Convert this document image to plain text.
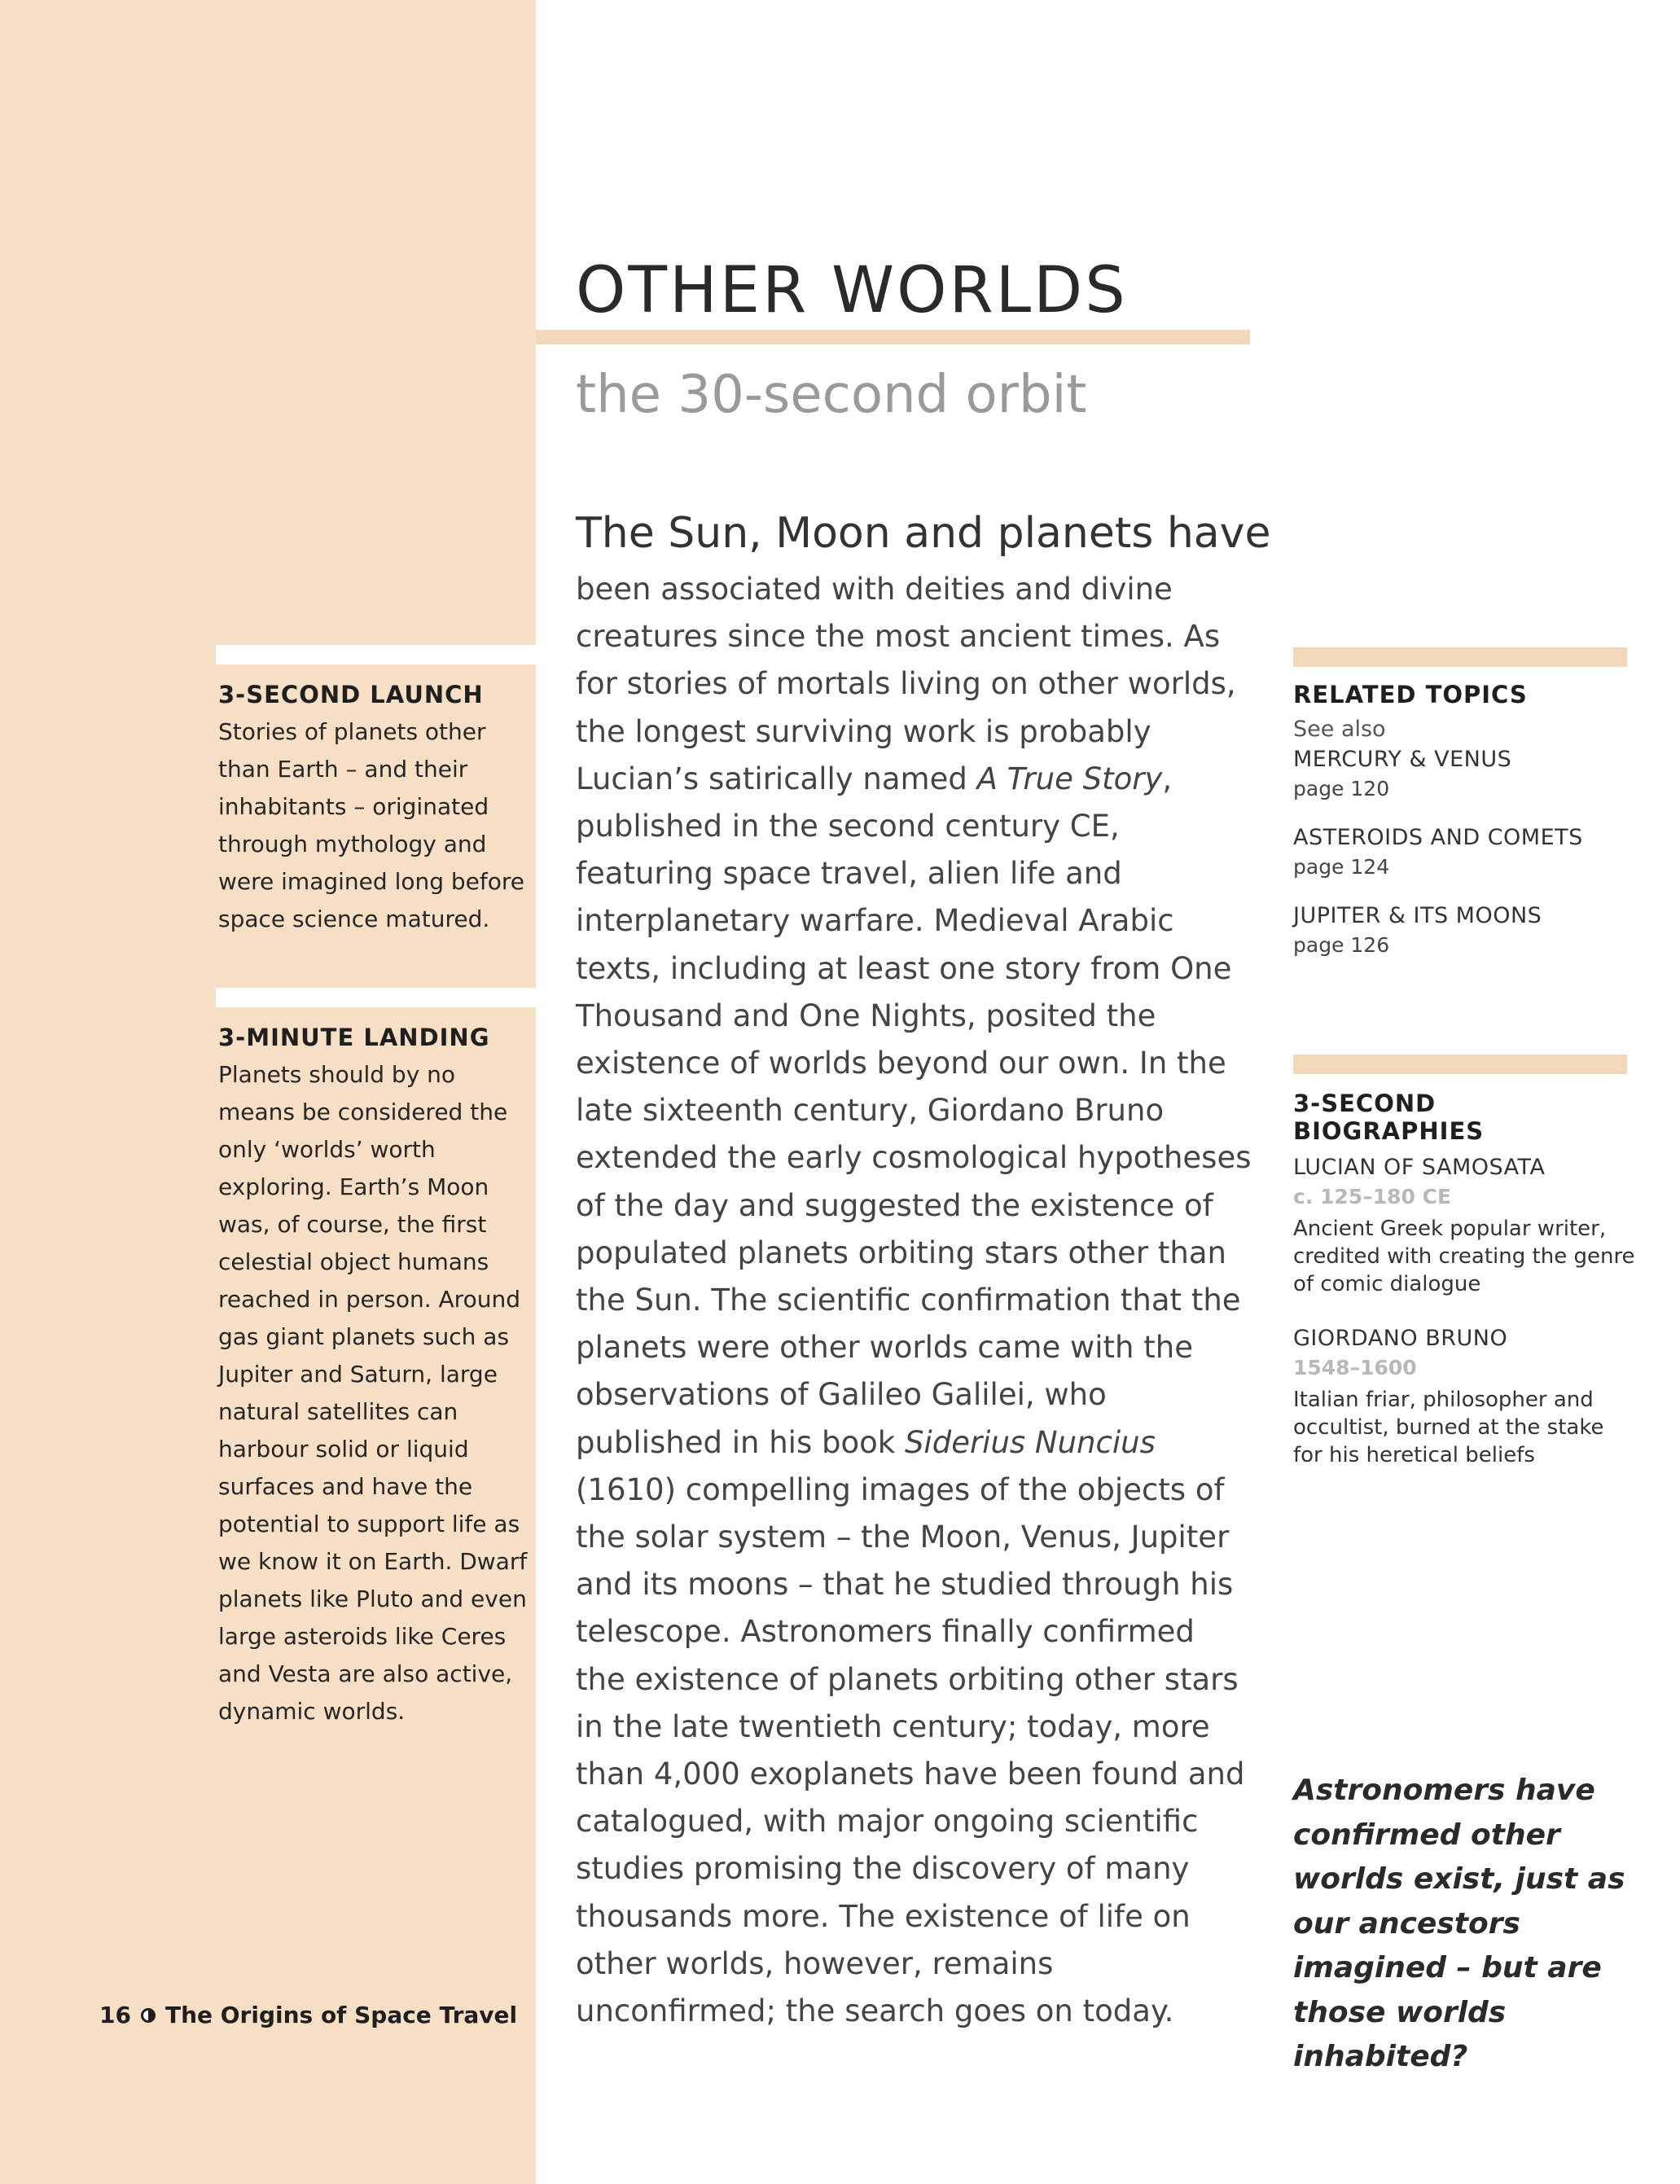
3-SECOND LAUNCH

Stories of planets other than Earth – and their inhabitants – originated through mythology and were imagined long before space science matured.

3-MINUTE LANDING

Planets should by no means be considered the only ‘worlds’ worth exploring. Earth’s Moon was, of course, the first celestial object humans reached in person. Around gas giant planets such as Jupiter and Saturn, large natural satellites can harbour solid or liquid surfaces and have the potential to support life as we know it on Earth. Dwarf planets like Pluto and even large asteroids like Ceres and Vesta are also active, dynamic worlds.

OTHER WORLDS
the 30-second orbit

The Sun, Moon and planets have

been associated with deities and divine creatures since the most ancient times. As for stories of mortals living on other worlds, the longest surviving work is probably Lucian’s satirically named A True Story, published in the second century CE, featuring space travel, alien life and interplanetary warfare. Medieval Arabic texts, including at least one story from One Thousand and One Nights, posited the existence of worlds beyond our own. In the late sixteenth century, Giordano Bruno extended the early cosmological hypotheses of the day and suggested the existence of populated planets orbiting stars other than the Sun. The scientific confirmation that the planets were other worlds came with the observations of Galileo Galilei, who published in his book Siderius Nuncius (1610) compelling images of the objects of the solar system – the Moon, Venus, Jupiter and its moons – that he studied through his telescope. Astronomers finally confirmed the existence of planets orbiting other stars in the late twentieth century; today, more than 4,000 exoplanets have been found and catalogued, with major ongoing scientific studies promising the discovery of many thousands more. The existence of life on other worlds, however, remains unconfirmed; the search goes on today.

RELATED TOPICS

See also

MERCURY & VENUS
page 120
ASTEROIDS AND COMETS
page 124
JUPITER & ITS MOONS
page 126

3-SECOND BIOGRAPHIES

LUCIAN OF SAMOSATA
c. 125–180 CE
Ancient Greek popular writer, credited with creating the genre of comic dialogue
GIORDANO BRUNO
1548–1600
Italian friar, philosopher and occultist, burned at the stake for his heretical beliefs

Astronomers have confirmed other worlds exist, just as our ancestors imagined – but are those worlds inhabited?

16 The Origins of Space Travel
